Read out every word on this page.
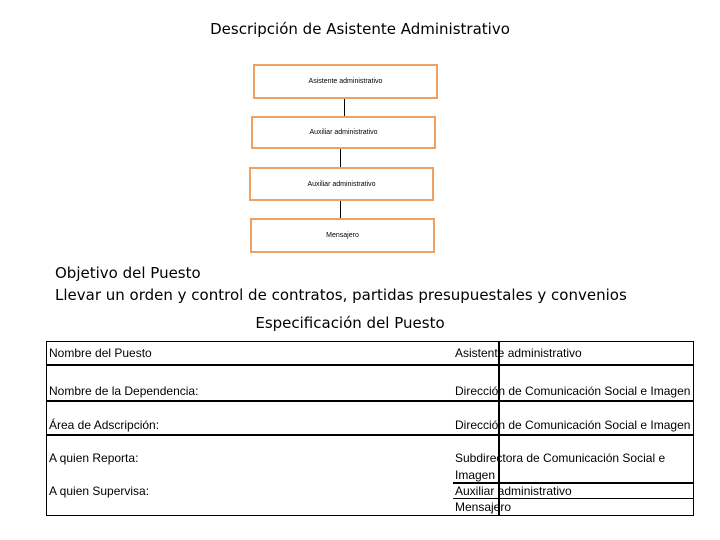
Descripción de Asistente Administrativo
Asistente administrativo
Auxiliar administrativo
Auxiliar administrativo
Mensajero
Objetivo del Puesto
Llevar un orden y control de contratos, partidas presupuestales y convenios
Especificación del Puesto
Nombre del Puesto	Asistente administrativo
Nombre de la Dependencia:	Dirección de Comunicación Social e Imagen
Área de Adscripción:	Dirección de Comunicación Social e Imagen
A quien Reporta:	Subdirectora de Comunicación Social e Imagen
A quien Supervisa:	Auxiliar administrativo
Mensajero
